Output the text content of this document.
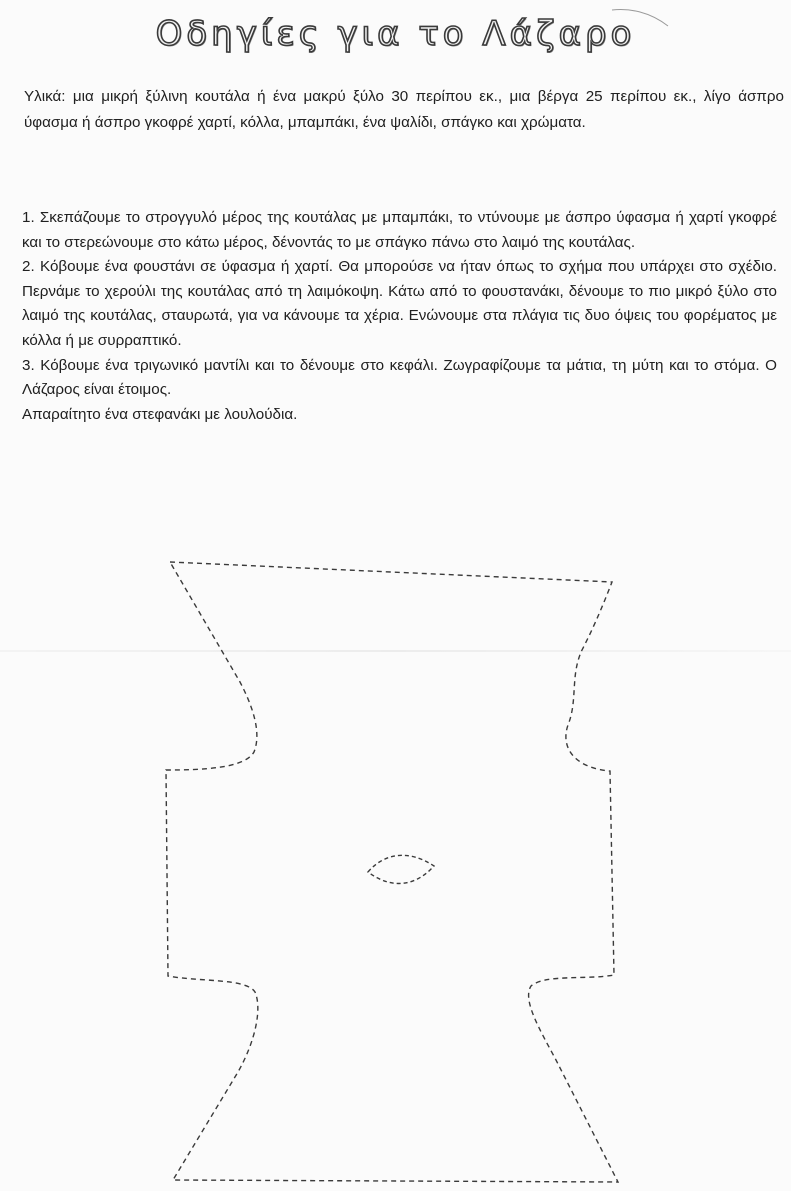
Οδηγίες για το Λάζαρο
Υλικά: μια μικρή ξύλινη κουτάλα ή ένα μακρύ ξύλο 30 περίπου εκ., μια βέργα 25 περίπου εκ., λίγο άσπρο ύφασμα ή άσπρο γκοφρέ χαρτί, κόλλα, μπαμπάκι, ένα ψαλίδι, σπάγκο και χρώματα.

1. Σκεπάζουμε το στρογγυλό μέρος της κουτάλας με μπαμπάκι, το ντύνουμε με άσπρο ύφασμα ή χαρτί γκοφρέ και το στερεώνουμε στο κάτω μέρος, δένοντάς το με σπάγκο πάνω στο λαιμό της κουτάλας.

2. Κόβουμε ένα φουστάνι σε ύφασμα ή χαρτί. Θα μπορούσε να ήταν όπως το σχήμα που υπάρχει στο σχέδιο. Περνάμε το χερούλι της κουτάλας από τη λαιμόκοψη. Κάτω από το φουστανάκι, δένουμε το πιο μικρό ξύλο στο λαιμό της κουτάλας, σταυρωτά, για να κάνουμε τα χέρια. Ενώνουμε στα πλάγια τις δυο όψεις του φορέματος με κόλλα ή με συρραπτικό.

3. Κόβουμε ένα τριγωνικό μαντίλι και το δένουμε στο κεφάλι. Ζωγραφίζουμε τα μάτια, τη μύτη και το στόμα. Ο Λάζαρος είναι έτοιμος.

Απαραίτητο ένα στεφανάκι με λουλούδια.
